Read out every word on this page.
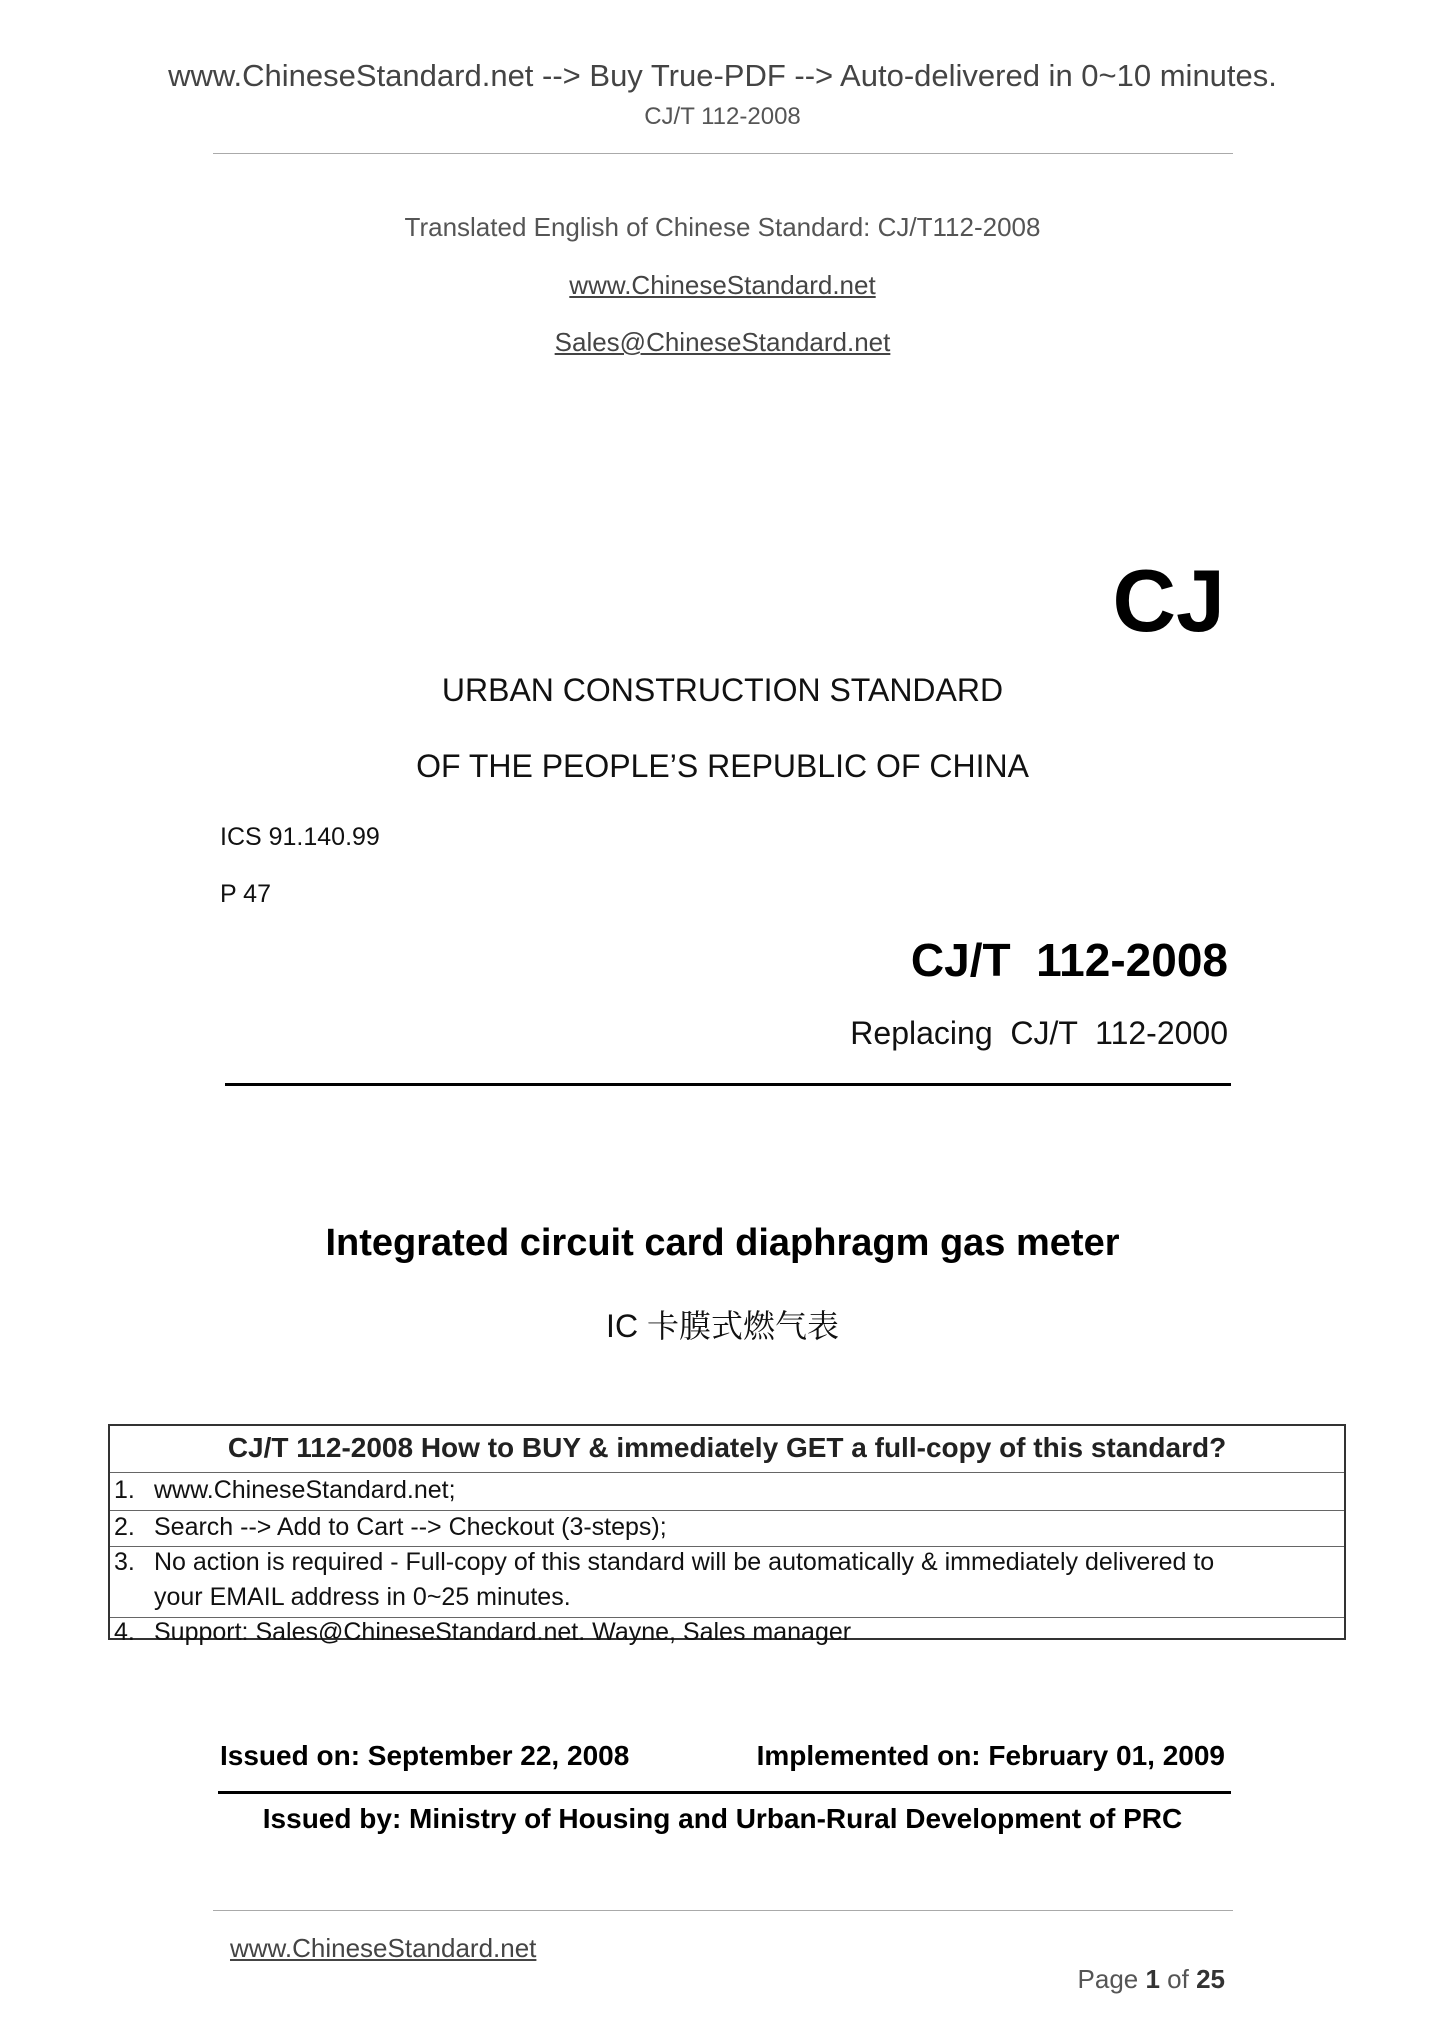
www.ChineseStandard.net --> Buy True-PDF --> Auto-delivered in 0~10 minutes.
CJ/T 112-2008
Translated English of Chinese Standard: CJ/T112-2008
www.ChineseStandard.net
Sales@ChineseStandard.net
CJ
URBAN CONSTRUCTION STANDARD
OF THE PEOPLE’S REPUBLIC OF CHINA
ICS 91.140.99
P 47
CJ/T  112-2008
Replacing  CJ/T  112-2000
Integrated circuit card diaphragm gas meter
IC 卡膜式燃气表
CJ/T 112-2008 How to BUY & immediately GET a full-copy of this standard?
1. www.ChineseStandard.net;
2. Search --> Add to Cart --> Checkout (3-steps);
3. No action is required - Full-copy of this standard will be automatically & immediately delivered to
your EMAIL address in 0~25 minutes.
4. Support: Sales@ChineseStandard.net. Wayne, Sales manager
Issued on: September 22, 2008	Implemented on: February 01, 2009
Issued by: Ministry of Housing and Urban-Rural Development of PRC
www.ChineseStandard.net

Page 1 of 25
